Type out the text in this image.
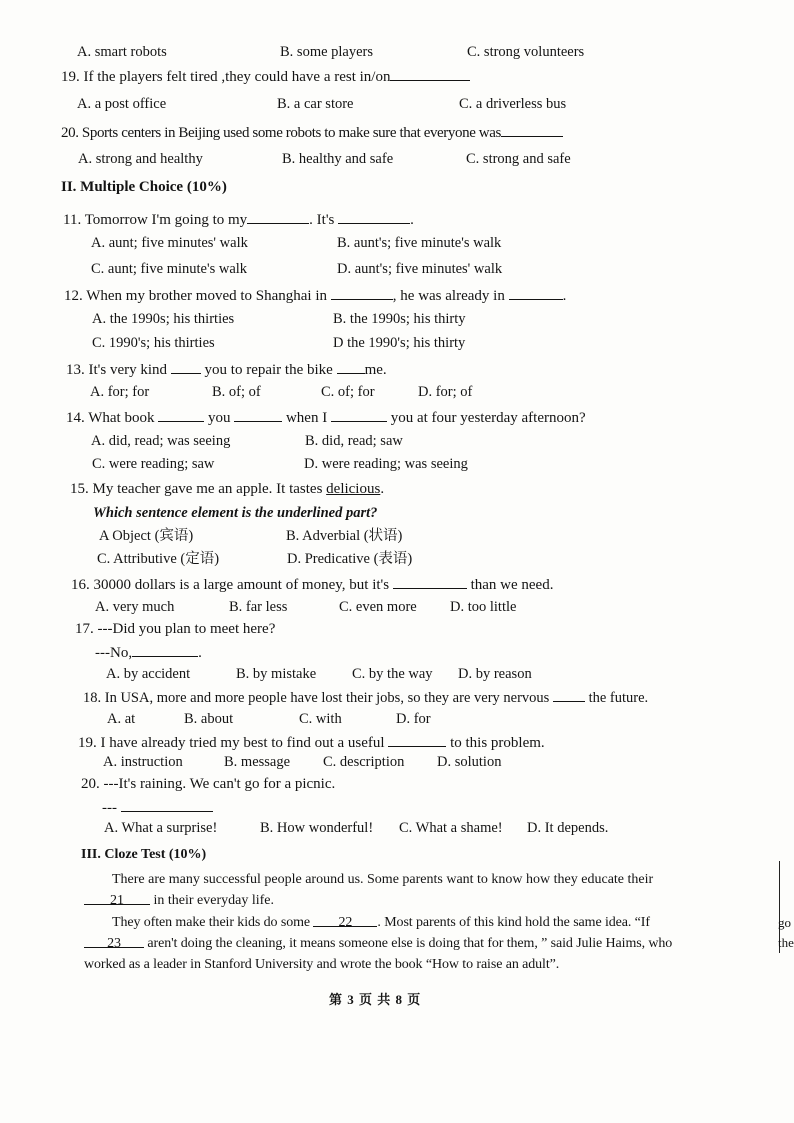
A. smart robots	B. some players	C. strong volunteers
19. If the players felt tired ,they could have a rest in/on
A. a post office	B. a car store	C. a driverless bus
20. Sports centers in Beijing used some robots to make sure that everyone was
A. strong and healthy	B. healthy and safe	C. strong and safe
II. Multiple Choice (10%)
11. Tomorrow I'm going to my	. It's	.
A. aunt; five minutes' walk	B. aunt's; five minute's walk
C. aunt; five minute's walk	D. aunt's; five minutes' walk
12. When my brother moved to Shanghai in	, he was already in	.
A. the 1990s; his thirties	B. the 1990s; his thirty
C. 1990's; his thirties	D the 1990's; his thirty
13. It's very kind	you to repair the bike me.
A. for; for	B. of; of	C. of; for	D. for; of
14. What book	you	when I	you at four yesterday afternoon?
A. did, read; was seeing	B. did, read; saw
C. were reading; saw	D. were reading; was seeing
15. My teacher gave me an apple. It tastes delicious.
Which sentence element is the underlined part?
A Object (宾语)	B. Adverbial (状语)
C. Attributive (定语)	D. Predicative (表语)
16. 30000 dollars is a large amount of money, but it's	than we need.
A. very much	B. far less	C. even more D. too little
17. ---Did you plan to meet here?
---No,	.
A. by accident	B. by mistake C. by the way D. by reason
18. In USA, more and more people have lost their jobs, so they are very nervous	the future.
A. at	B. about	C. with	D. for
19. I have already tried my best to find out a useful	to this problem.
A. instruction	B. message C. description D. solution
20. ---It's raining. We can't go for a picnic.
---
A. What a surprise!	B. How wonderful! C. What a shame! D. It depends.
III. Cloze Test (10%)
There are many successful people around us. Some parents want to know how they educate their 21 in their everyday life.
They often make their kids do some 22 . Most parents of this kind hold the same idea. “If 23 aren't doing the cleaning, it means someone else is doing that for them, ” said Julie Haims, who worked as a leader in Stanford University and wrote the book “How to raise an adult”.
第 3 页 共 8 页
go
the
